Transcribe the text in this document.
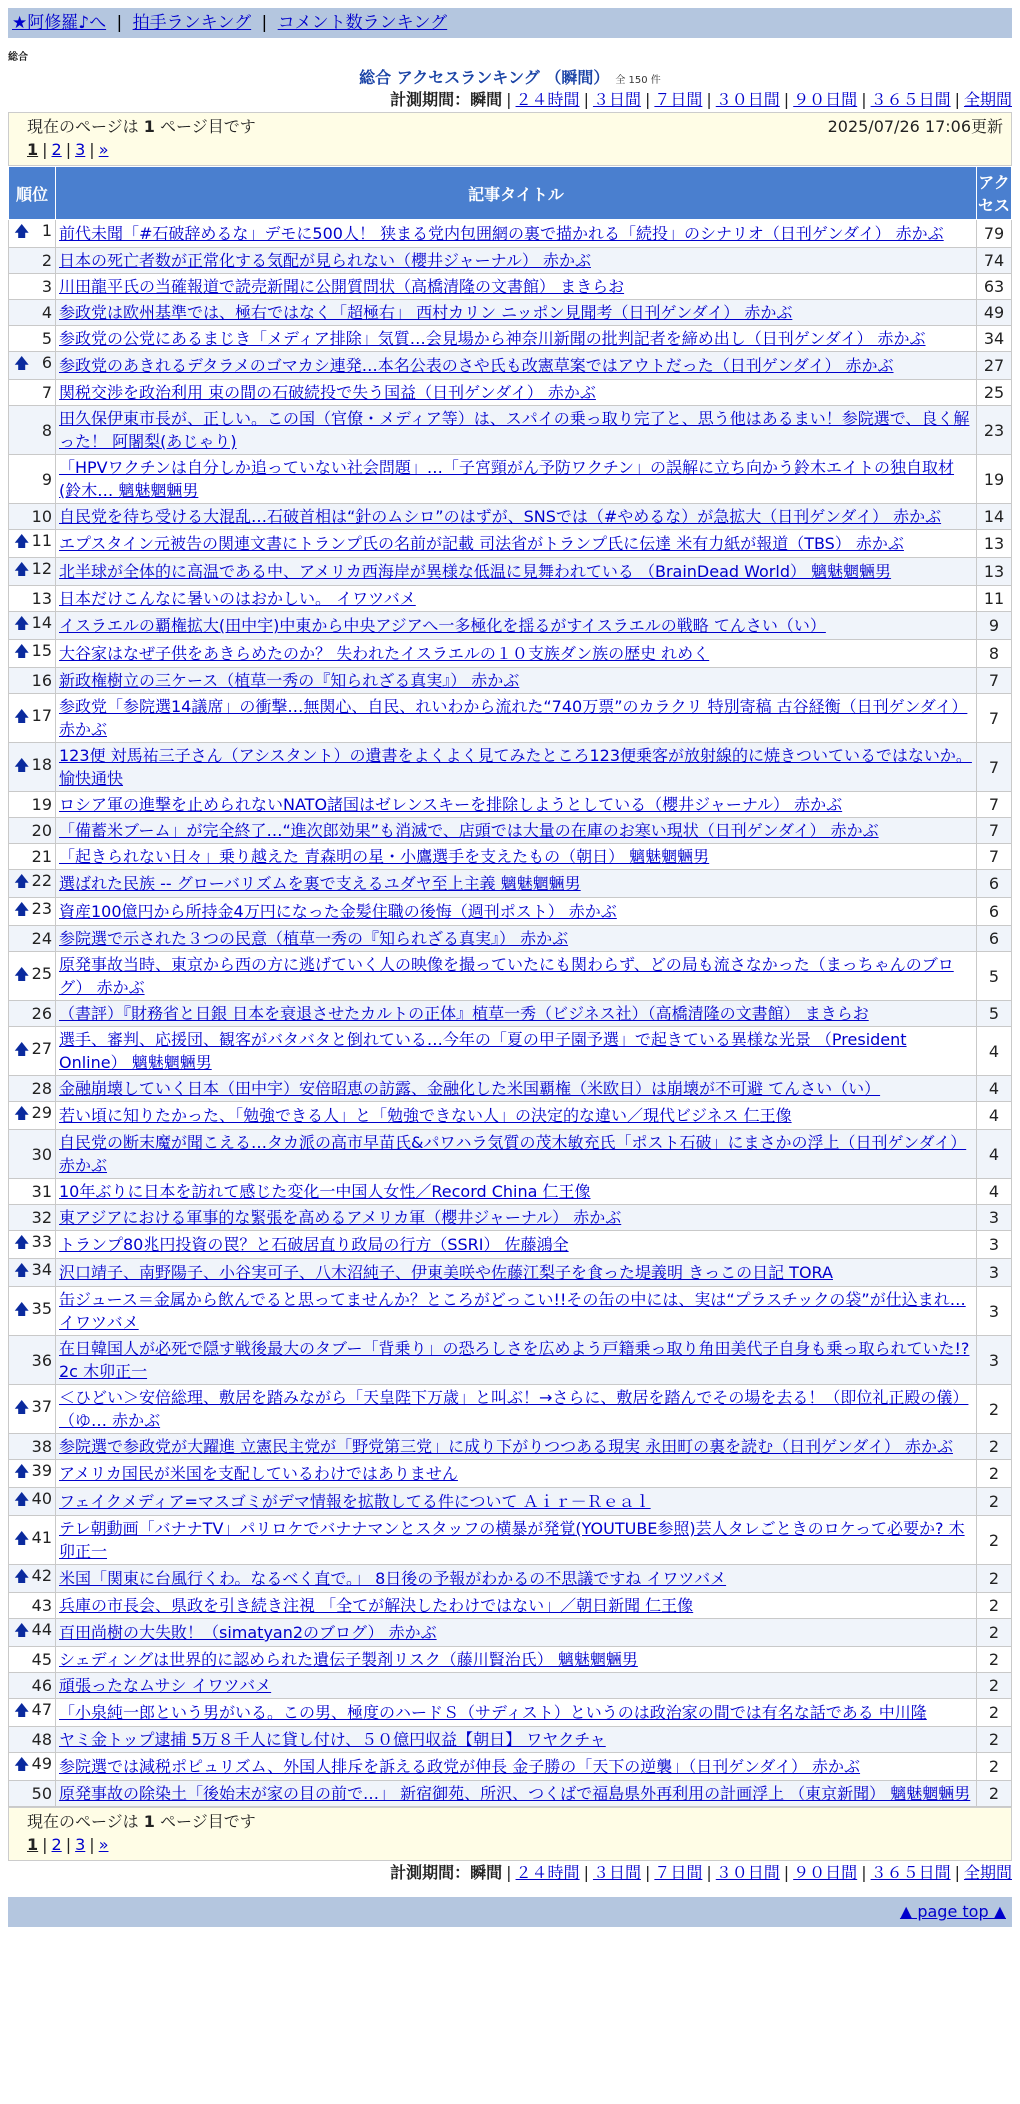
★阿修羅♪へ | 拍手ランキング | コメント数ランキング
総合
総合 アクセスランキング （瞬間） 全 150 件
計測期間：瞬間 | ２４時間 | ３日間 | ７日間 | ３０日間 | ９０日間 | ３６５日間 | 全期間
現在のページは 1 ページ目です	2025/07/26 17:06更新
1 | 2 | 3 | »
順位	記事タイトル	アクセス

🡅 1	前代未聞「#石破辞めるな」デモに500人！ 狭まる党内包囲網の裏で描かれる「続投」のシナリオ（日刊ゲンダイ） 赤かぶ	79
2	日本の死亡者数が正常化する気配が見られない（櫻井ジャーナル） 赤かぶ	74
3	川田龍平氏の当確報道で読売新聞に公開質問状（高橋清隆の文書館） まきらお	63
4	参政党は欧州基準では、極右ではなく「超極右」 西村カリン ニッポン見聞考（日刊ゲンダイ） 赤かぶ	49
5	参政党の公党にあるまじき「メディア排除」気質…会見場から神奈川新聞の批判記者を締め出し（日刊ゲンダイ） 赤かぶ	34

🡅 6	参政党のあきれるデタラメのゴマカシ連発…本名公表のさや氏も改憲草案ではアウトだった（日刊ゲンダイ） 赤かぶ	27
7	関税交渉を政治利用 束の間の石破続投で失う国益（日刊ゲンダイ） 赤かぶ	25
8	田久保伊東市長が、正しい。この国（官僚・メディア等）は、スパイの乗っ取り完了と、思う他はあるまい！参院選で、良く解った！ 阿闍梨(あじゃり)	23
9	「HPVワクチンは自分しか追っていない社会問題」…「子宮頸がん予防ワクチン」の誤解に立ち向かう鈴木エイトの独自取材(鈴木… 魑魅魍魎男	19
10	自民党を待ち受ける大混乱…石破首相は“針のムシロ”のはずが、SNSでは（#やめるな）が急拡大（日刊ゲンダイ） 赤かぶ	14

🡅 11	エプスタイン元被告の関連文書にトランプ氏の名前が記載 司法省がトランプ氏に伝達 米有力紙が報道（TBS） 赤かぶ	13

🡅 12	北半球が全体的に高温である中、アメリカ西海岸が異様な低温に見舞われている （BrainDead World） 魑魅魍魎男	13
13	日本だけこんなに暑いのはおかしい。 イワツバメ	11

🡅 14	イスラエルの覇権拡大(田中宇)中東から中央アジアへ一多極化を揺るがすイスラエルの戦略 てんさい（い）	9

🡅 15	大谷家はなぜ子供をあきらめたのか？ 失われたイスラエルの１０支族ダン族の歴史 れめく	8
16	新政権樹立の三ケース（植草一秀の『知られざる真実』） 赤かぶ	7

🡅 17	参政党「参院選14議席」の衝撃…無関心、自民、れいわから流れた“740万票”のカラクリ 特別寄稿 古谷経衡（日刊ゲンダイ） 赤かぶ	7

🡅 18	123便 対馬祐三子さん（アシスタント）の遺書をよくよく見てみたところ123便乗客が放射線的に焼きついているではないか。 愉快通快	7
19	ロシア軍の進撃を止められないNATO諸国はゼレンスキーを排除しようとしている（櫻井ジャーナル） 赤かぶ	7
20	「備蓄米ブーム」が完全終了…“進次郎効果”も消滅で、店頭では大量の在庫のお寒い現状（日刊ゲンダイ） 赤かぶ	7
21	「起きられない日々」乗り越えた 青森明の星・小鷹選手を支えたもの（朝日） 魑魅魍魎男	7

🡅 22	選ばれた民族 -- グローバリズムを裏で支えるユダヤ至上主義 魑魅魍魎男	6

🡅 23	資産100億円から所持金4万円になった金髪住職の後悔（週刊ポスト） 赤かぶ	6
24	参院選で示された３つの民意（植草一秀の『知られざる真実』） 赤かぶ	6

🡅 25	原発事故当時、東京から西の方に逃げていく人の映像を撮っていたにも関わらず、どの局も流さなかった（まっちゃんのブログ） 赤かぶ	5
26	（書評）『財務省と日銀 日本を衰退させたカルトの正体』植草一秀（ビジネス社）（高橋清隆の文書館） まきらお	5

🡅 27	選手、審判、応援団、観客がバタバタと倒れている…今年の「夏の甲子園予選」で起きている異様な光景 （President Online） 魑魅魍魎男	4
28	金融崩壊していく日本（田中宇）安倍昭恵の訪露、金融化した米国覇権（米欧日）は崩壊が不可避 てんさい（い）	4

🡅 29	若い頃に知りたかった、「勉強できる人」と「勉強できない人」の決定的な違い／現代ビジネス 仁王像	4
30	自民党の断末魔が聞こえる…タカ派の高市早苗氏&パワハラ気質の茂木敏充氏「ポスト石破」にまさかの浮上（日刊ゲンダイ） 赤かぶ	4
31	10年ぶりに日本を訪れて感じた変化一中国人女性／Record China 仁王像	4
32	東アジアにおける軍事的な緊張を高めるアメリカ軍（櫻井ジャーナル） 赤かぶ	3

🡅 33	トランプ80兆円投資の罠？と石破居直り政局の行方（SSRI） 佐藤鴻全	3

🡅 34	沢口靖子、南野陽子、小谷実可子、八木沼純子、伊東美咲や佐藤江梨子を食った堤義明 きっこの日記 TORA	3

🡅 35	缶ジュース＝金属から飲んでると思ってませんか？ところがどっこい!!その缶の中には、実は“プラスチックの袋”が仕込まれ… イワツバメ	3
36	在日韓国人が必死で隠す戦後最大のタブー「背乗り」の恐ろしさを広めよう戸籍乗っ取り角田美代子自身も乗っ取られていた!?2c 木卯正一	3

🡅 37	＜ひどい＞安倍総理、敷居を踏みながら「天皇陛下万歳」と叫ぶ！→さらに、敷居を踏んでその場を去る！（即位礼正殿の儀）（ゆ… 赤かぶ	2
38	参院選で参政党が大躍進 立憲民主党が「野党第三党」に成り下がりつつある現実 永田町の裏を読む（日刊ゲンダイ） 赤かぶ	2

🡅 39	アメリカ国民が米国を支配しているわけではありません	2

🡅 40	フェイクメディア=マスゴミがデマ情報を拡散してる件について Ａｉｒ－Ｒｅａｌ	2

🡅 41	テレ朝動画「バナナTV」パリロケでバナナマンとスタッフの横暴が発覚(YOUTUBE参照)芸人タレごときのロケって必要か? 木卯正一	2

🡅 42	米国「関東に台風行くわ。なるべく直で。」 8日後の予報がわかるの不思議ですね イワツバメ	2
43	兵庫の市長会、県政を引き続き注視 「全てが解決したわけではない」／朝日新聞 仁王像	2

🡅 44	百田尚樹の大失敗！（simatyan2のブログ） 赤かぶ	2
45	シェディングは世界的に認められた遺伝子製剤リスク（藤川賢治氏） 魑魅魍魎男	2
46	頑張ったなムサシ イワツバメ	2

🡅 47	「小泉純一郎という男がいる。この男、極度のハードＳ（サディスト）というのは政治家の間では有名な話である 中川隆	2
48	ヤミ金トップ逮捕 5万８千人に貸し付け、５０億円収益【朝日】 ワヤクチャ	2

🡅 49	参院選では減税ポピュリズム、外国人排斥を訴える政党が伸長 金子勝の「天下の逆襲」（日刊ゲンダイ） 赤かぶ	2
50	原発事故の除染土「後始末が家の目の前で…」 新宿御苑、所沢、つくばで福島県外再利用の計画浮上 （東京新聞） 魑魅魍魎男	2
現在のページは 1 ページ目です
1 | 2 | 3 | »
計測期間：瞬間 | ２４時間 | ３日間 | ７日間 | ３０日間 | ９０日間 | ３６５日間 | 全期間
▲ page top ▲
